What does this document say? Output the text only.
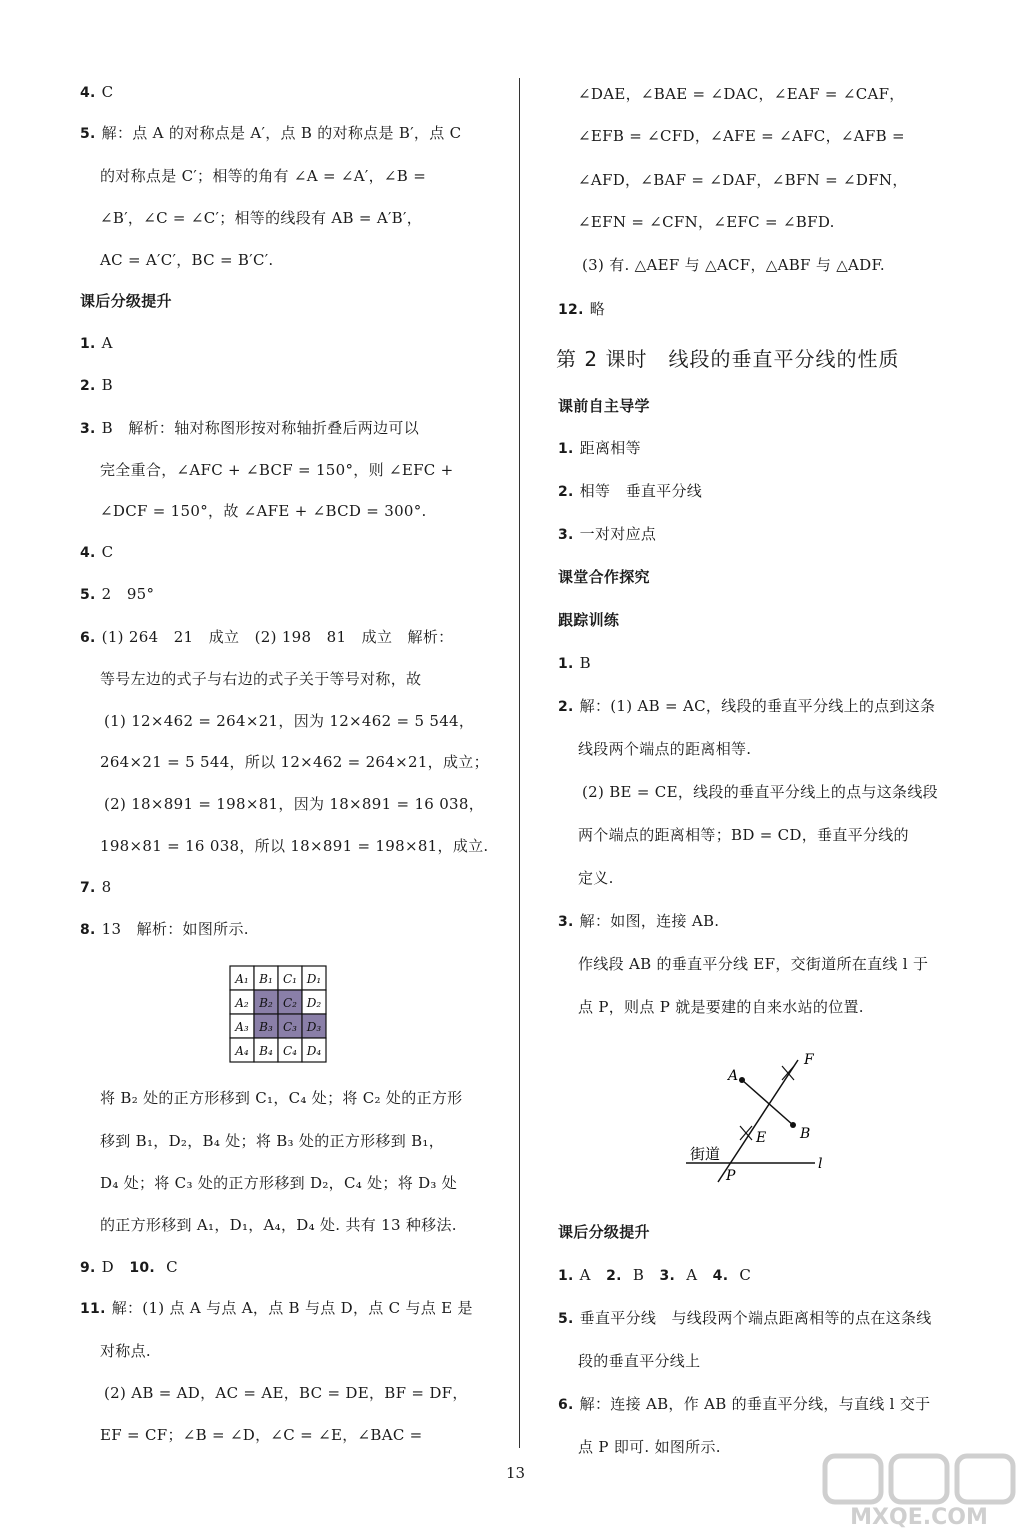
4. C
5. 解：点 A 的对称点是 A′，点 B 的对称点是 B′，点 C
的对称点是 C′；相等的角有 ∠A = ∠A′，∠B =
∠B′，∠C = ∠C′；相等的线段有 AB = A′B′，
AC = A′C′，BC = B′C′.
课后分级提升
1. A
2. B
3. B　解析：轴对称图形按对称轴折叠后两边可以
完全重合，∠AFC + ∠BCF = 150°，则 ∠EFC +
∠DCF = 150°，故 ∠AFE + ∠BCD = 300°.
4. C
5. 2　95°
6. (1) 264　21　成立　(2) 198　81　成立　解析：
等号左边的式子与右边的式子关于等号对称，故
(1) 12×462 = 264×21，因为 12×462 = 5 544，
264×21 = 5 544，所以 12×462 = 264×21，成立；
(2) 18×891 = 198×81，因为 18×891 = 16 038，
198×81 = 16 038，所以 18×891 = 198×81，成立.
7. 8
8. 13　解析：如图所示.
将 B₂ 处的正方形移到 C₁，C₄ 处；将 C₂ 处的正方形
移到 B₁，D₂，B₄ 处；将 B₃ 处的正方形移到 B₁，
D₄ 处；将 C₃ 处的正方形移到 D₂，C₄ 处；将 D₃ 处
的正方形移到 A₁，D₁，A₄，D₄ 处. 共有 13 种移法.
9. D　10. C
11. 解：(1) 点 A 与点 A，点 B 与点 D，点 C 与点 E 是
对称点.
(2) AB = AD，AC = AE，BC = DE，BF = DF，
EF = CF；∠B = ∠D，∠C = ∠E，∠BAC =
∠DAE，∠BAE = ∠DAC，∠EAF = ∠CAF，
∠EFB = ∠CFD，∠AFE = ∠AFC，∠AFB =
∠AFD，∠BAF = ∠DAF，∠BFN = ∠DFN，
∠EFN = ∠CFN，∠EFC = ∠BFD.
(3) 有. △AEF 与 △ACF，△ABF 与 △ADF.
12. 略
课前自主导学
1. 距离相等
2. 相等　垂直平分线
3. 一对对应点
课堂合作探究
跟踪训练
1. B
2. 解：(1) AB = AC，线段的垂直平分线上的点到这条
线段两个端点的距离相等.
(2) BE = CE，线段的垂直平分线上的点与这条线段
两个端点的距离相等；BD = CD，垂直平分线的
定义.
3. 解：如图，连接 AB.
作线段 AB 的垂直平分线 EF，交街道所在直线 l 于
点 P，则点 P 就是要建的自来水站的位置.
课后分级提升
1. A　2. B　3. A　4. C
5. 垂直平分线　与线段两个端点距离相等的点在这条线
段的垂直平分线上
6. 解：连接 AB，作 AB 的垂直平分线，与直线 l 交于
点 P 即可. 如图所示.
第 2 课时　线段的垂直平分线的性质
A₁ B₁ C₁ D₁
A₂ B₂ C₂ D₂
A₃ B₃ C₃ D₃
A₄ B₄ C₄ D₄
A
B
E
F
P
l
街道
13
MXQE.COM
